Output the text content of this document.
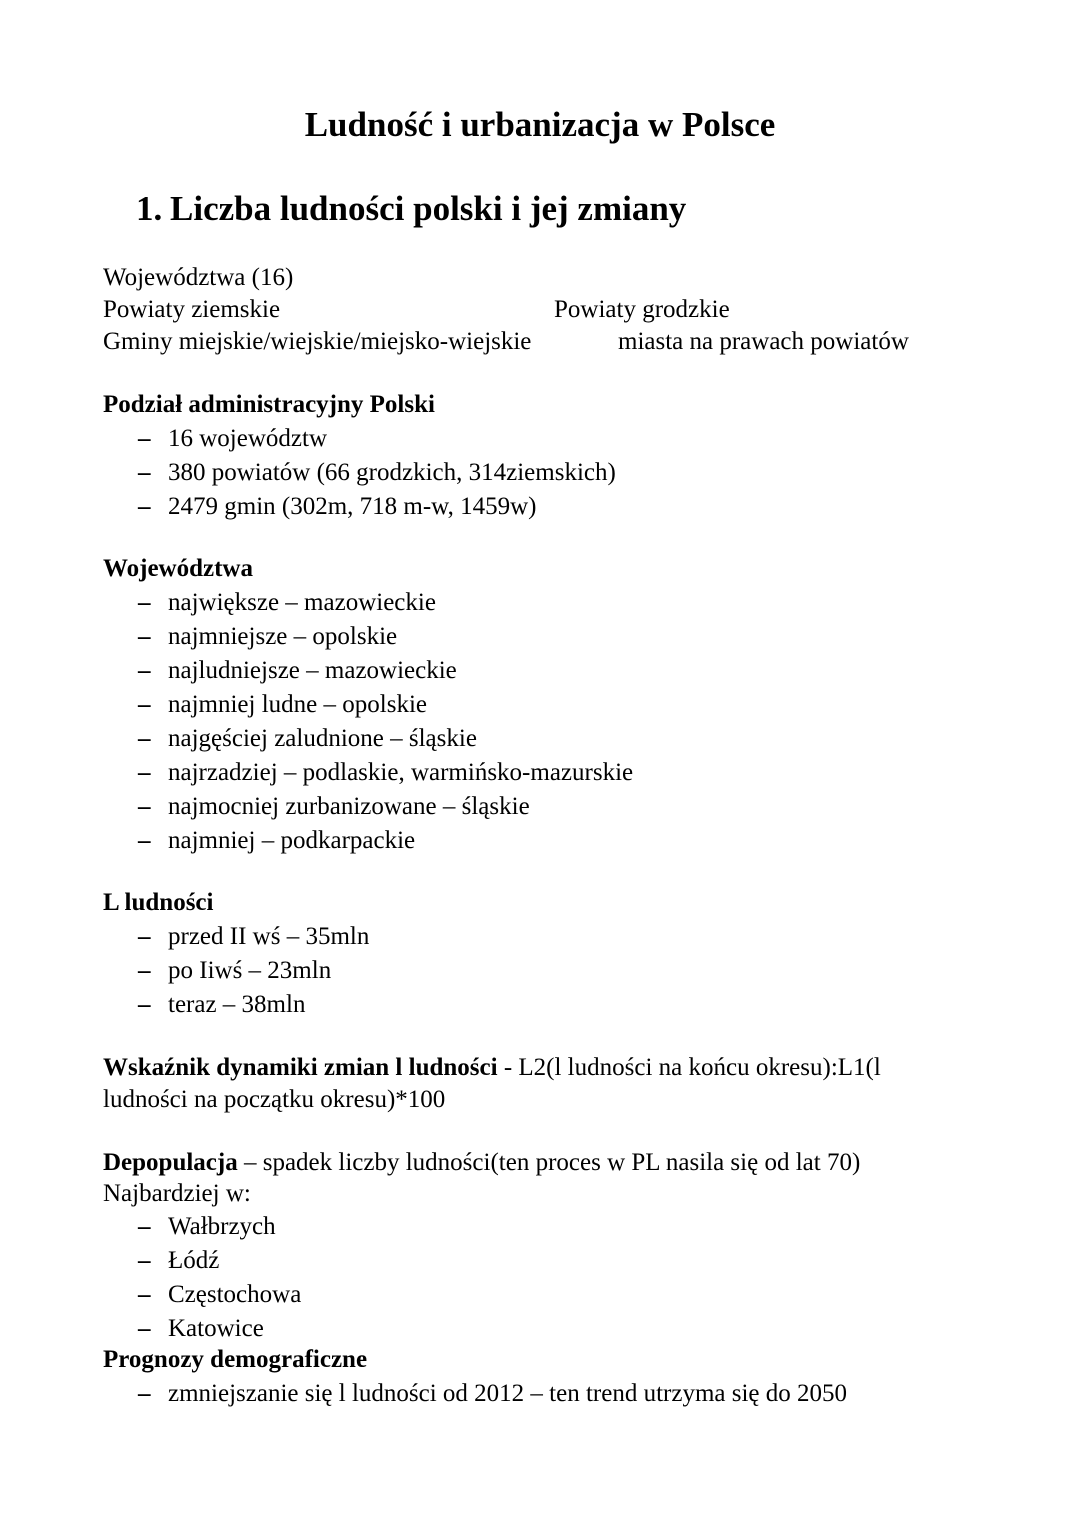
Ludność i urbanizacja w Polsce
1. Liczba ludności polski i jej zmiany
Województwa (16)
Powiaty ziemskie	Powiaty grodzkie
Gminy miejskie/wiejskie/miejsko-wiejskie	miasta na prawach powiatów
Podział administracyjny Polski
– 16 województw
– 380 powiatów (66 grodzkich, 314ziemskich)
– 2479 gmin (302m, 718 m-w, 1459w)
Województwa
– największe – mazowieckie
– najmniejsze – opolskie
– najludniejsze – mazowieckie
– najmniej ludne – opolskie
– najgęściej zaludnione – śląskie
– najrzadziej – podlaskie, warmińsko-mazurskie
– najmocniej zurbanizowane – śląskie
– najmniej – podkarpackie
L ludności
– przed II wś – 35mln
– po Iiwś – 23mln
– teraz – 38mln
Wskaźnik dynamiki zmian l ludności - L2(l ludności na końcu okresu):L1(l
ludności na początku okresu)*100
Depopulacja – spadek liczby ludności(ten proces w PL nasila się od lat 70)
Najbardziej w:
– Wałbrzych
– Łódź
– Częstochowa
– Katowice
Prognozy demograficzne
– zmniejszanie się l ludności od 2012 – ten trend utrzyma się do 2050
